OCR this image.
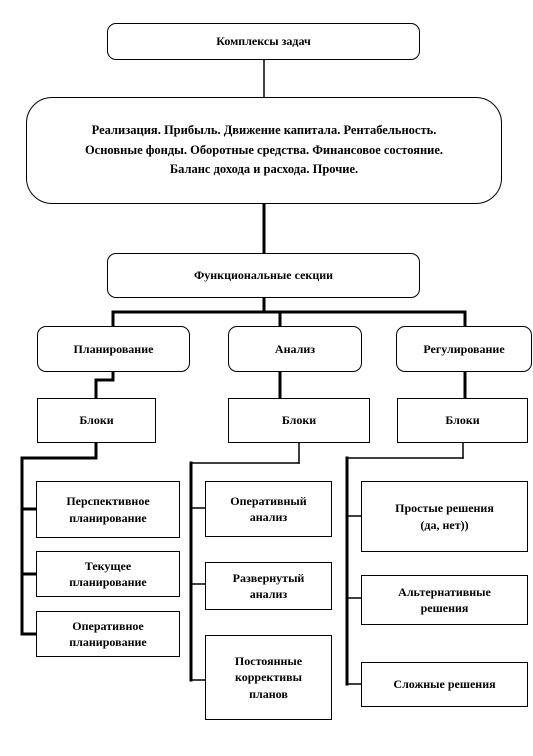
Комплексы задач
Реализация. Прибыль. Движение капитала. Рентабельность.
Основные фонды. Оборотные средства. Финансовое состояние.
Баланс дохода и расхода. Прочие.
Функциональные секции
Планирование	Анализ	Регулирование
Блоки	Блоки	Блоки
Перспективное
планирование
Текущее
планирование
Оперативное
планирование
Оперативный
анализ
Развернутый
анализ
Постоянные
коррективы
планов
Простые решения
(да, нет))
Альтернативные
решения
Сложные решения
